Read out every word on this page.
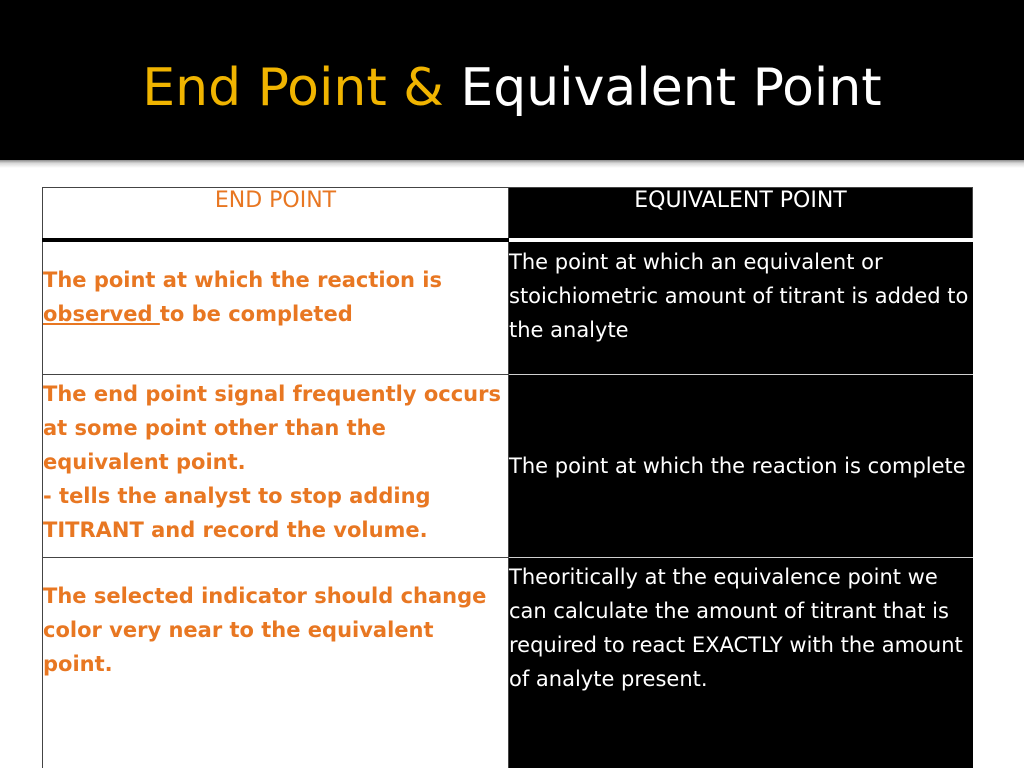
End Point & Equivalent Point
END POINT	EQUIVALENT POINT
The point at which the reaction is observed to be completed	The point at which an equivalent or stoichiometric amount of titrant is added to the analyte

The end point signal frequently occurs at some point other than the equivalent point.
- tells the analyst to stop adding TITRANT and record the volume.	The point at which the reaction is complete
The selected indicator should change color very near to the equivalent point.	Theoritically at the equivalence point we can calculate the amount of titrant that is required to react EXACTLY with the amount of analyte present.
